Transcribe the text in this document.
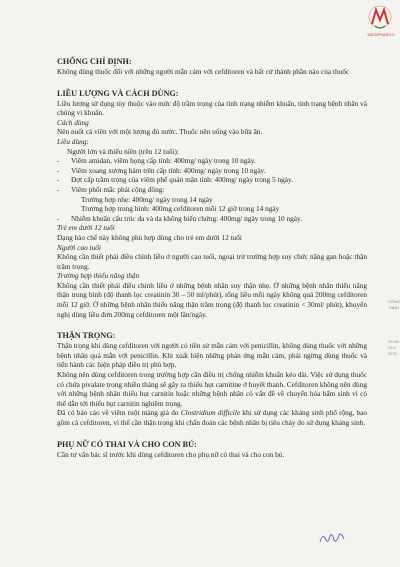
MEDIPHARCO
CÔNG
TNHH
STUN
HUY
ATIO
CHỐNG CHỈ ĐỊNH:

Không dùng thuốc đối với những người mẫn cảm với cefditoren và bất cứ thành phần nào của thuốc

LIỀU LƯỢNG VÀ CÁCH DÙNG:

Liều lượng sử dụng tùy thuộc vào mức độ trầm trọng của tình trạng nhiễm khuẩn, tình trạng bệnh nhân và chủng vi khuẩn.

Cách dùng

Nên nuốt cả viên với một lượng đủ nước. Thuốc nên uống vào bữa ăn.

Liều dùng:

Người lớn và thiếu niên (trên 12 tuổi):

- Viêm amidan, viêm họng cấp tính: 400mg/ ngày trong 10 ngày.
- Viêm xoang xương hàm trên cấp tính: 400mg/ ngày trong 10 ngày.
- Đợt cấp trầm trọng của viêm phế quản mãn tính: 400mg/ ngày trong 5 ngày.
- Viêm phổi mắc phải cộng đồng:

Trường hợp nhẹ: 400mg/ ngày trong 14 ngày

Trường hợp trung bình: 400mg cefditoren mỗi 12 giờ trong 14 ngày

- Nhiễm khuẩn cấu trúc da và da không biến chứng: 400mg/ ngày trong 10 ngày.

Trẻ em dưới 12 tuổi

Dạng bào chế này không phù hợp dùng cho trẻ em dưới 12 tuổi

Người cao tuổi

Không cần thiết phải điều chỉnh liều ở người cao tuổi, ngoại trừ trường hợp suy chức năng gan hoặc thận trầm trọng.

Trường hợp thiểu năng thận

Không cần thiết phải điều chỉnh liều ở những bệnh nhân suy thận nhẹ. Ở những bệnh nhân thiểu năng thận trung bình (độ thanh lọc creatinin 30 – 50 ml/phút), tổng liều mỗi ngày không quá 200mg cefditoren mỗi 12 giờ. Ở những bệnh nhân thiểu năng thận trầm trọng (độ thanh lọc creatinin < 30ml/ phút), khuyến nghị dùng liều đơn 200mg cefditoren một lần/ngày.

THẬN TRỌNG:

Thận trọng khi dùng cefditoren với người có tiền sử mẫn cảm với penicillin, không dùng thuốc với những bệnh nhân quá mẫn với penicillin. Khi xuất hiện những phản ứng mẫn cảm, phải ngừng dùng thuốc và tiến hành các biện pháp điều trị phù hợp.

Không nên dùng cefditoren trong trường hợp cần điều trị chống nhiễm khuẩn kéo dài. Việc sử dụng thuốc có chứa pivalate trong nhiều tháng sẽ gây ra thiếu hụt carnitine ở huyết thanh. Cefditoren không nên dùng với những bệnh nhân thiếu hụt carnitin hoặc những bệnh nhân có vấn đề về chuyển hóa bẩm sinh vì có thể dẫn tới thiếu hụt carnitin nghiêm trọng.

Đã có báo cáo về viêm ruột màng giả do Clostridium difficile khi sử dụng các kháng sinh phổ rộng, bao gồm cả cefditoren, vì thế cần thận trọng khi chẩn đoán các bệnh nhân bị tiêu chảy do sử dụng kháng sinh.

PHỤ NỮ CÓ THAI VÀ CHO CON BÚ:

Cần tư vấn bác sĩ trước khi dùng cefditoren cho phụ nữ có thai và cho con bú.
